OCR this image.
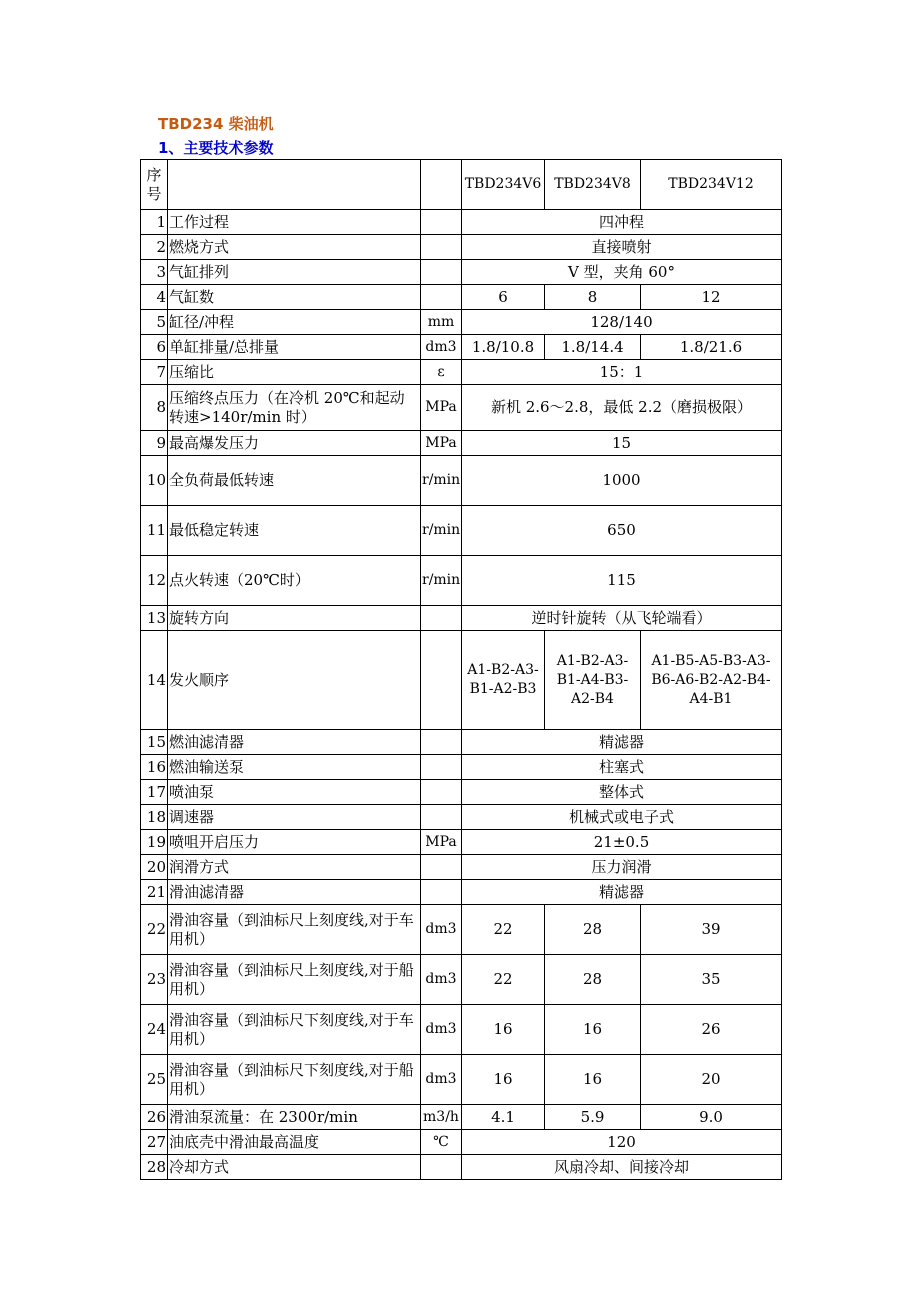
TBD234 柴油机
1、主要技术参数
序号			TBD234V6	TBD234V8	TBD234V12
1	工作过程		四冲程		
2	燃烧方式		直接喷射		
3	气缸排列		V 型，夹角 60°		
4	气缸数		6	8	12
5	缸径/冲程	mm	128/140		
6	单缸排量/总排量	dm3	1.8/10.8	1.8/14.4	1.8/21.6
7	压缩比	ε	15：1		
8	压缩终点压力（在冷机 20℃和起动转速>140r/min 时）	MPa	新机 2.6～2.8，最低 2.2（磨损极限）		
9	最高爆发压力	MPa	15		
10	全负荷最低转速	r/min	1000		
11	最低稳定转速	r/min	650		
12	点火转速（20℃时）	r/min	115		
13	旋转方向		逆时针旋转（从飞轮端看）		
14	发火顺序		A1-B2-A3-B1-A2-B3	A1-B2-A3-B1-A4-B3-A2-B4	A1-B5-A5-B3-A3-B6-A6-B2-A2-B4-A4-B1
15	燃油滤清器		精滤器		
16	燃油输送泵		柱塞式		
17	喷油泵		整体式		
18	调速器		机械式或电子式		
19	喷咀开启压力	MPa	21±0.5		
20	润滑方式		压力润滑		
21	滑油滤清器		精滤器		
22	滑油容量（到油标尺上刻度线,对于车用机）	dm3	22	28	39
23	滑油容量（到油标尺上刻度线,对于船用机）	dm3	22	28	35
24	滑油容量（到油标尺下刻度线,对于车用机）	dm3	16	16	26
25	滑油容量（到油标尺下刻度线,对于船用机）	dm3	16	16	20
26	滑油泵流量：在 2300r/min	m3/h	4.1	5.9	9.0
27	油底壳中滑油最高温度	℃	120		
28	冷却方式		风扇冷却、间接冷却		
